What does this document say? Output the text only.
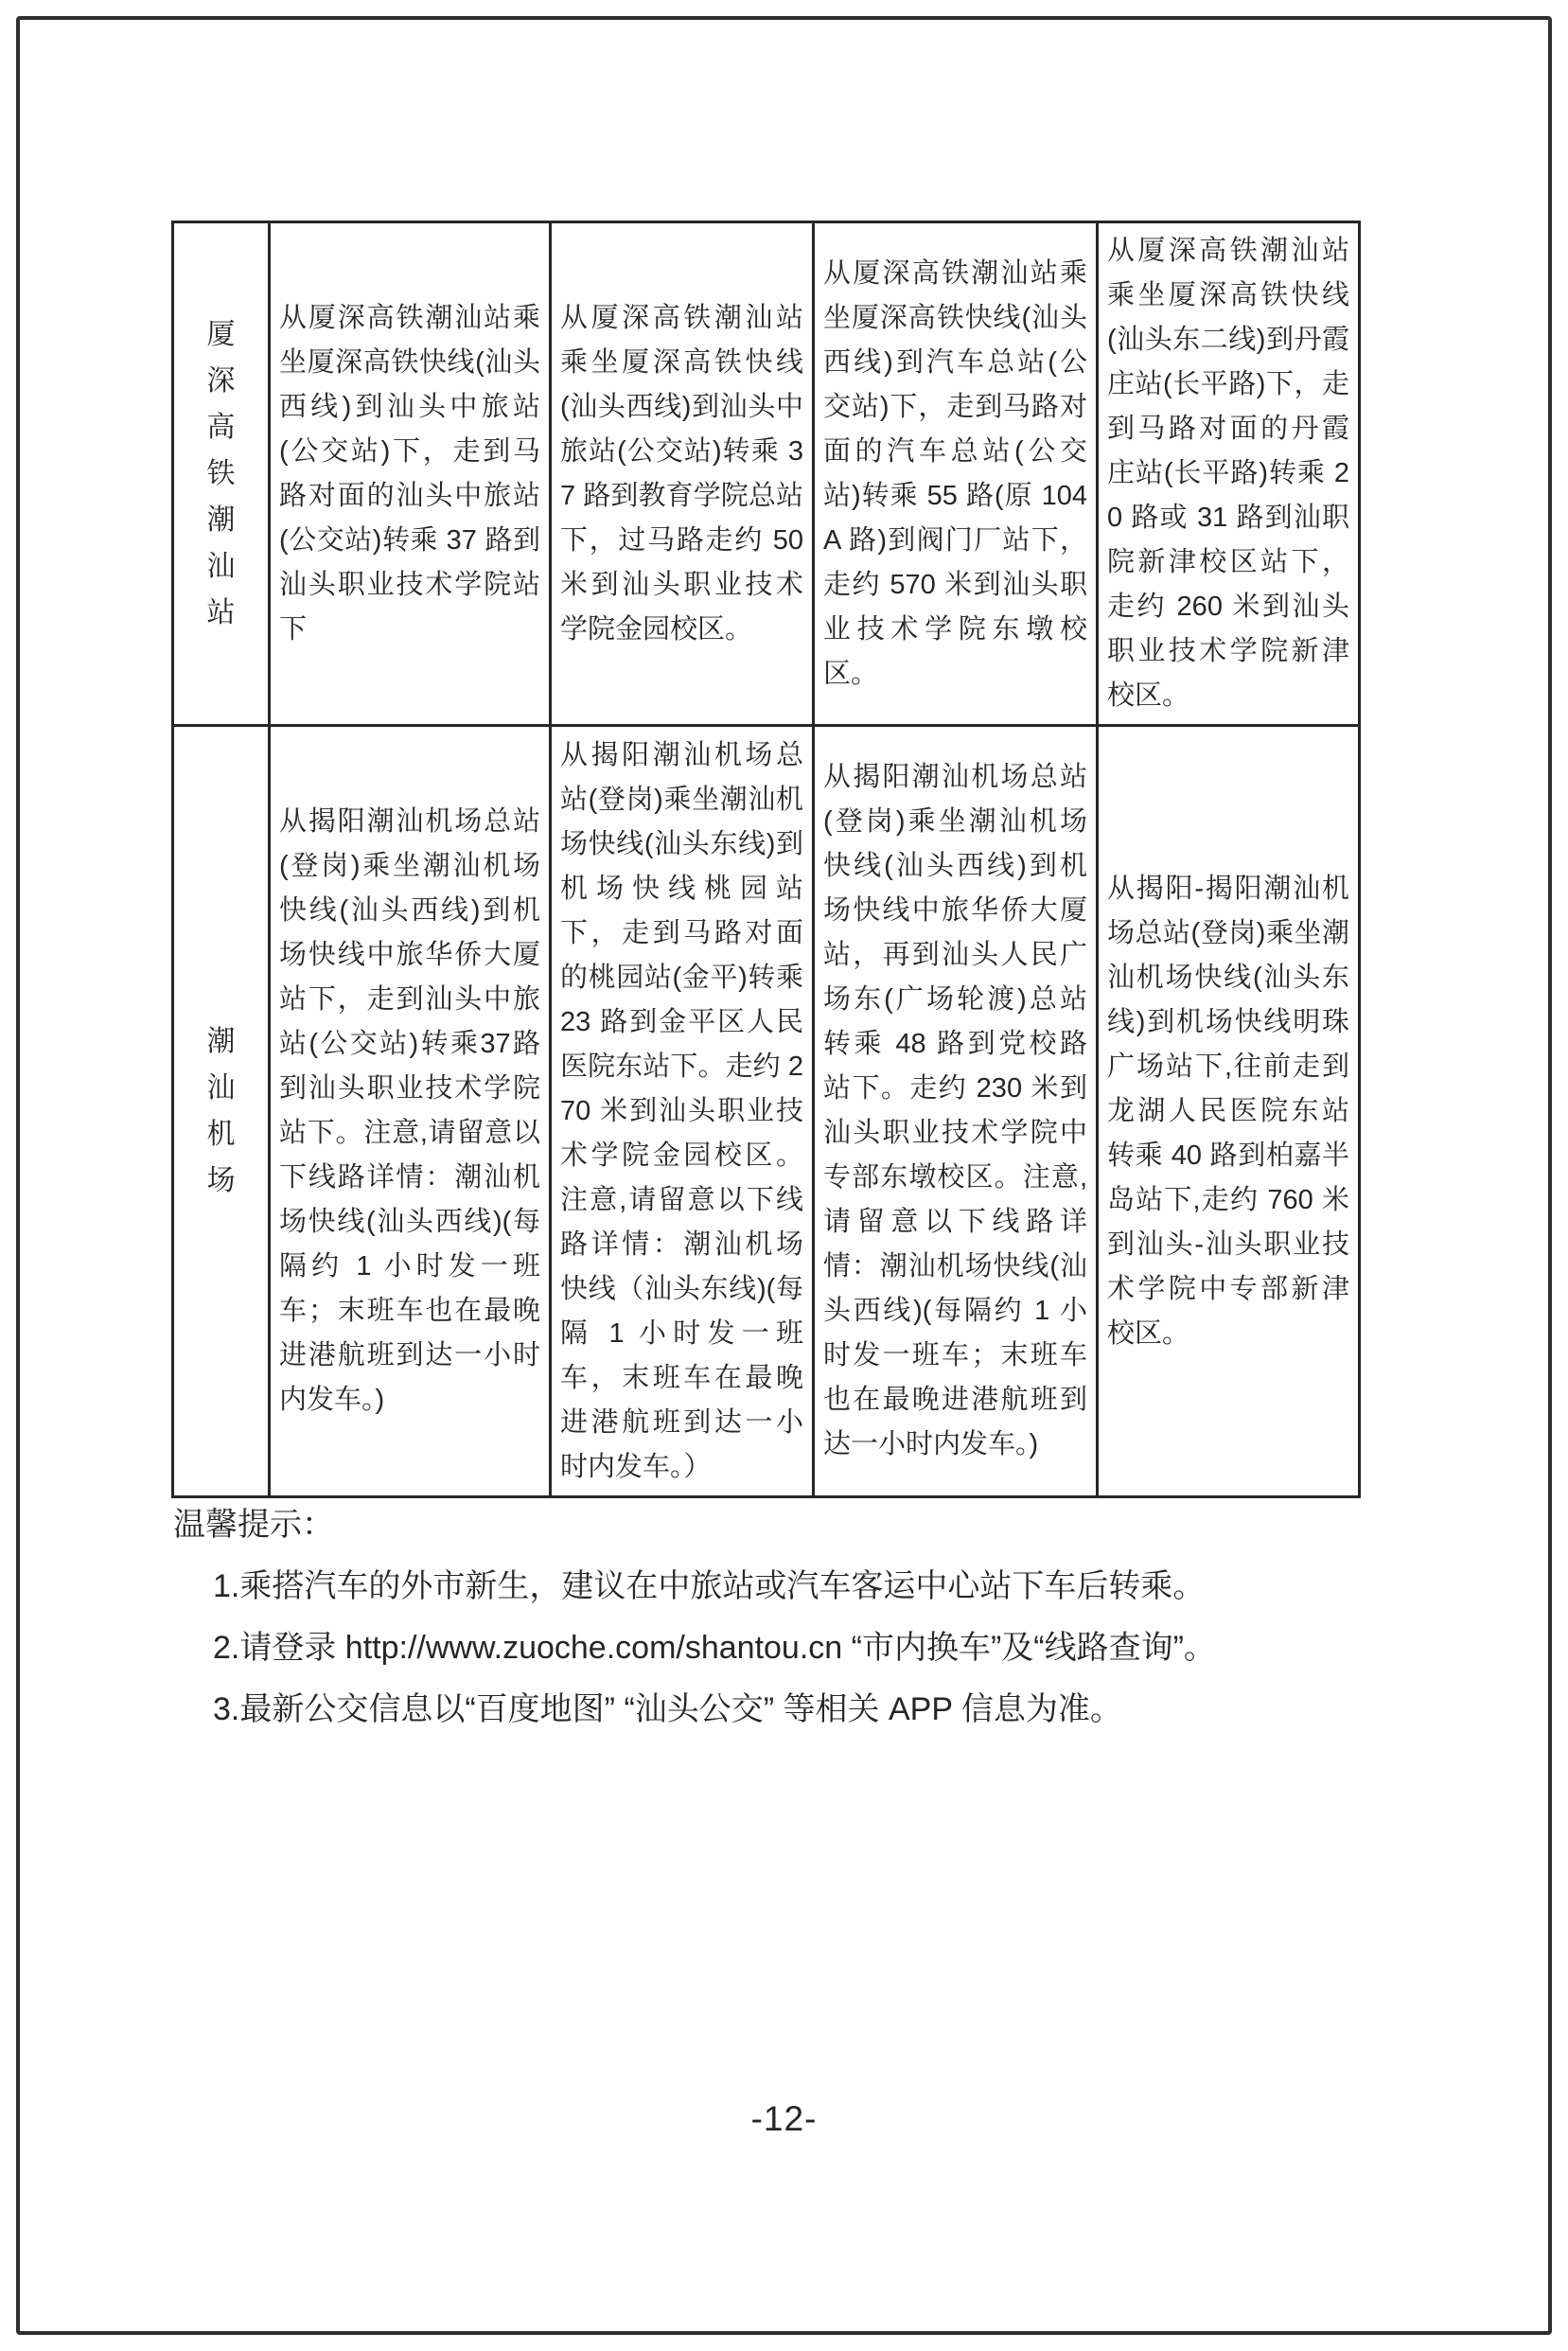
厦深高铁潮汕站	从厦深高铁潮汕站乘坐厦深高铁快线(汕头西线)到汕头中旅站(公交站)下，走到马路对面的汕头中旅站(公交站)转乘 37 路到汕头职业技术学院站下	从厦深高铁潮汕站乘坐厦深高铁快线(汕头西线)到汕头中旅站(公交站)转乘 37 路到教育学院总站下，过马路走约 50 米到汕头职业技术学院金园校区。	从厦深高铁潮汕站乘坐厦深高铁快线(汕头西线)到汽车总站(公交站)下，走到马路对面的汽车总站(公交站)转乘 55 路(原 104A 路)到阀门厂站下，走约 570 米到汕头职业技术学院东墩校区。	从厦深高铁潮汕站乘坐厦深高铁快线(汕头东二线)到丹霞庄站(长平路)下，走到马路对面的丹霞庄站(长平路)转乘 20 路或 31 路到汕职院新津校区站下，走约 260 米到汕头职业技术学院新津校区。

潮汕机场	从揭阳潮汕机场总站(登岗)乘坐潮汕机场快线(汕头西线)到机场快线中旅华侨大厦站下，走到汕头中旅站(公交站)转乘37路到汕头职业技术学院站下。注意,请留意以下线路详情：潮汕机场快线(汕头西线)(每隔约 1 小时发一班车；末班车也在最晚进港航班到达一小时内发车。)	从揭阳潮汕机场总站(登岗)乘坐潮汕机场快线(汕头东线)到机场快线桃园站下，走到马路对面的桃园站(金平)转乘 23 路到金平区人民医院东站下。走约 270 米到汕头职业技术学院金园校区。注意,请留意以下线路详情：潮汕机场快线（汕头东线)(每隔 1 小时发一班车，末班车在最晚进港航班到达一小时内发车。）	从揭阳潮汕机场总站(登岗)乘坐潮汕机场快线(汕头西线)到机场快线中旅华侨大厦站，再到汕头人民广场东(广场轮渡)总站转乘 48 路到党校路站下。走约 230 米到汕头职业技术学院中专部东墩校区。注意,请留意以下线路详情：潮汕机场快线(汕头西线)(每隔约 1 小时发一班车；末班车也在最晚进港航班到达一小时内发车。)	从揭阳-揭阳潮汕机场总站(登岗)乘坐潮汕机场快线(汕头东线)到机场快线明珠广场站下,往前走到龙湖人民医院东站转乘 40 路到柏嘉半岛站下,走约 760 米到汕头-汕头职业技术学院中专部新津校区。
温馨提示：
1.乘搭汽车的外市新生，建议在中旅站或汽车客运中心站下车后转乘。
2.请登录 http://www.zuoche.com/shantou.cn “市内换车”及“线路查询”。
3.最新公交信息以“百度地图” “汕头公交” 等相关 APP 信息为准。
-12-
